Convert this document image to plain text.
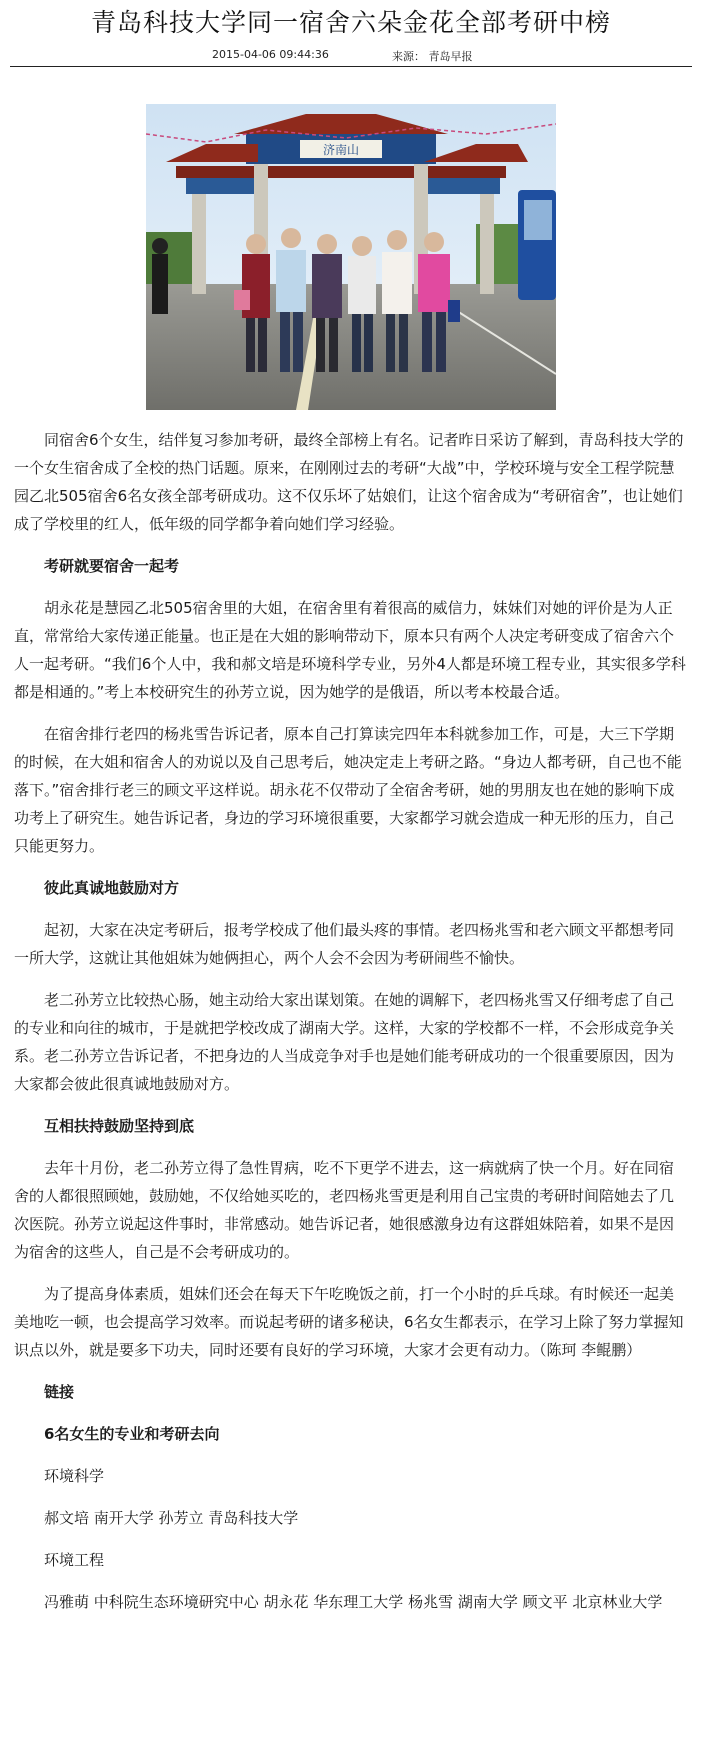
青岛科技大学同一宿舍六朵金花全部考研中榜
2015-04-06 09:44:36	来源： 青岛早报
济南山
同宿舍6个女生，结伴复习参加考研，最终全部榜上有名。记者昨日采访了解到，青岛科技大学的一个女生宿舍成了全校的热门话题。原来，在刚刚过去的考研“大战”中，学校环境与安全工程学院慧园乙北505宿舍6名女孩全部考研成功。这不仅乐坏了姑娘们，让这个宿舍成为“考研宿舍”，也让她们成了学校里的红人，低年级的同学都争着向她们学习经验。
考研就要宿舍一起考
胡永花是慧园乙北505宿舍里的大姐，在宿舍里有着很高的威信力，妹妹们对她的评价是为人正直，常常给大家传递正能量。也正是在大姐的影响带动下，原本只有两个人决定考研变成了宿舍六个人一起考研。“我们6个人中，我和郝文培是环境科学专业，另外4人都是环境工程专业，其实很多学科都是相通的。”考上本校研究生的孙芳立说，因为她学的是俄语，所以考本校最合适。
在宿舍排行老四的杨兆雪告诉记者，原本自己打算读完四年本科就参加工作，可是，大三下学期的时候，在大姐和宿舍人的劝说以及自己思考后，她决定走上考研之路。“身边人都考研，自己也不能落下。”宿舍排行老三的顾文平这样说。胡永花不仅带动了全宿舍考研，她的男朋友也在她的影响下成功考上了研究生。她告诉记者，身边的学习环境很重要，大家都学习就会造成一种无形的压力，自己只能更努力。
彼此真诚地鼓励对方
起初，大家在决定考研后，报考学校成了他们最头疼的事情。老四杨兆雪和老六顾文平都想考同一所大学，这就让其他姐妹为她俩担心，两个人会不会因为考研闹些不愉快。
老二孙芳立比较热心肠，她主动给大家出谋划策。在她的调解下，老四杨兆雪又仔细考虑了自己的专业和向往的城市，于是就把学校改成了湖南大学。这样，大家的学校都不一样，不会形成竞争关系。老二孙芳立告诉记者，不把身边的人当成竞争对手也是她们能考研成功的一个很重要原因，因为大家都会彼此很真诚地鼓励对方。
互相扶持鼓励坚持到底
去年十月份，老二孙芳立得了急性胃病，吃不下更学不进去，这一病就病了快一个月。好在同宿舍的人都很照顾她，鼓励她，不仅给她买吃的，老四杨兆雪更是利用自己宝贵的考研时间陪她去了几次医院。孙芳立说起这件事时，非常感动。她告诉记者，她很感激身边有这群姐妹陪着，如果不是因为宿舍的这些人，自己是不会考研成功的。
为了提高身体素质，姐妹们还会在每天下午吃晚饭之前，打一个小时的乒乓球。有时候还一起美美地吃一顿，也会提高学习效率。而说起考研的诸多秘诀，6名女生都表示，在学习上除了努力掌握知识点以外，就是要多下功夫，同时还要有良好的学习环境，大家才会更有动力。（陈珂 李鲲鹏）
链接
6名女生的专业和考研去向
环境科学
郝文培 南开大学 孙芳立 青岛科技大学
环境工程
冯雅萌 中科院生态环境研究中心 胡永花 华东理工大学 杨兆雪 湖南大学 顾文平 北京林业大学
